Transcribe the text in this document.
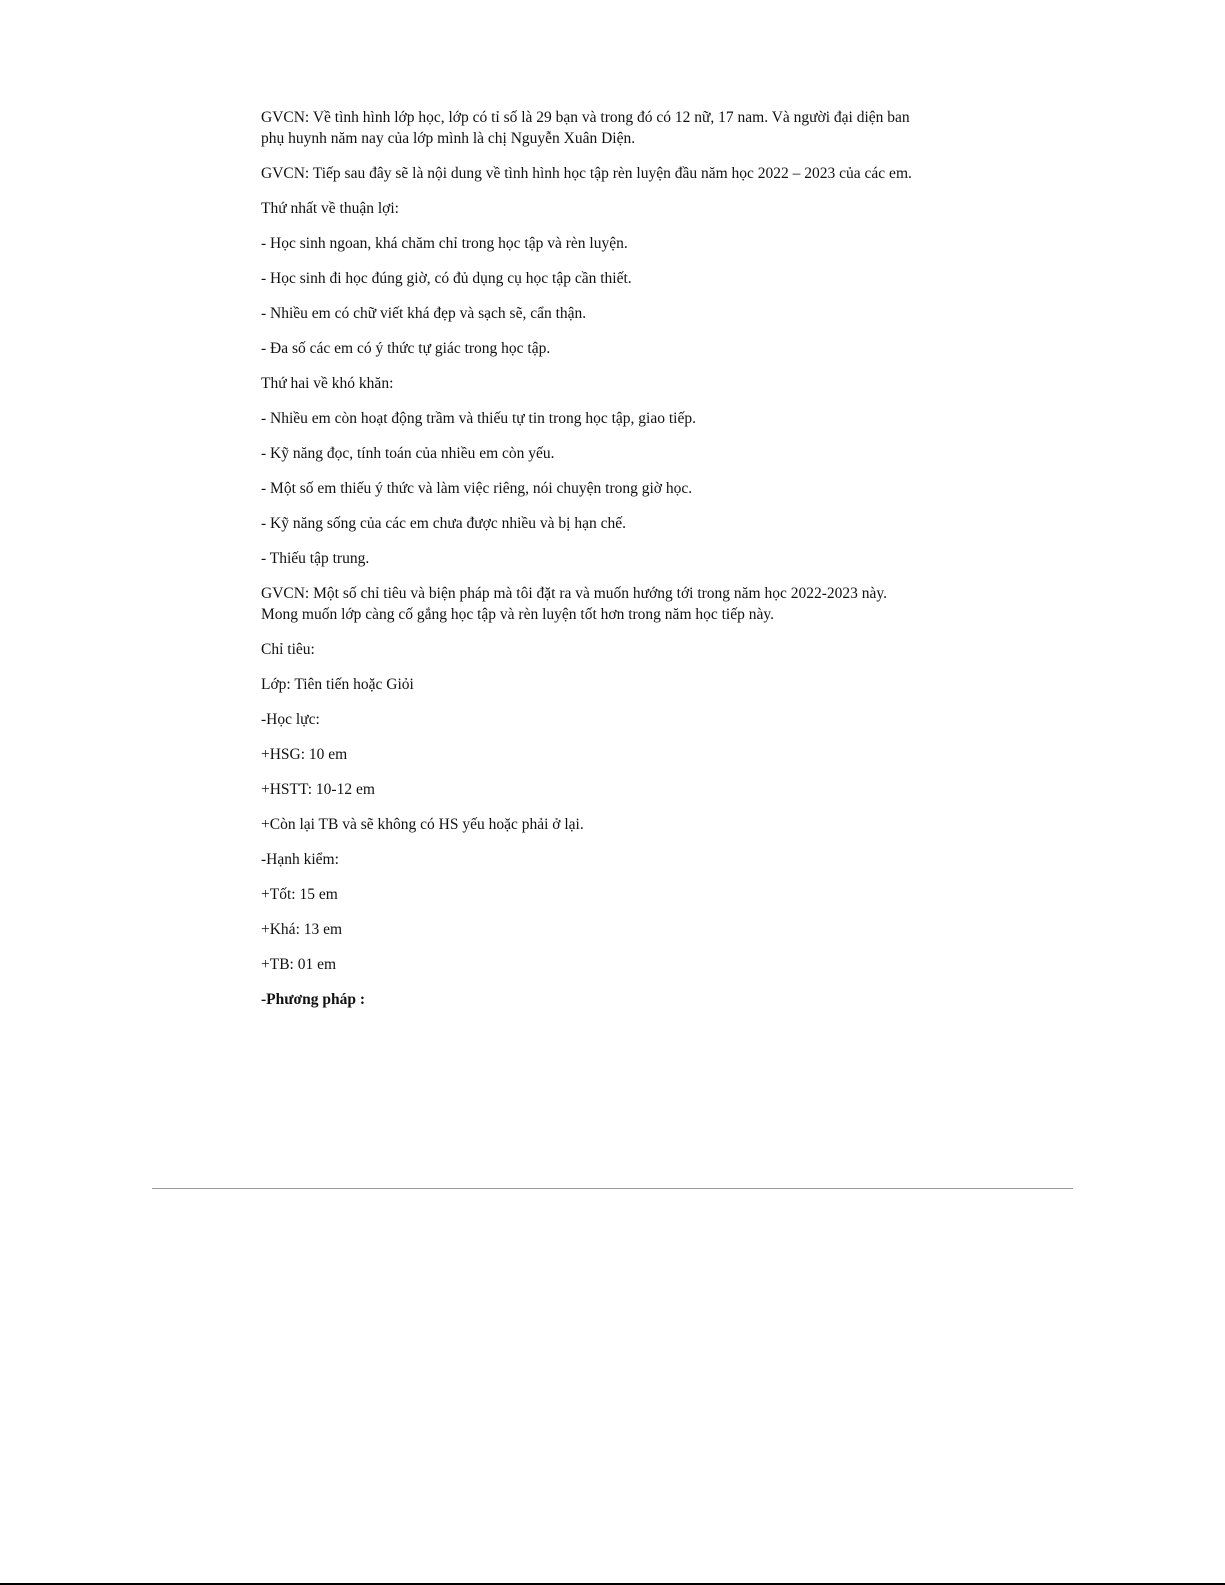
GVCN: Về tình hình lớp học, lớp có tỉ số là 29 bạn và trong đó có 12 nữ, 17 nam. Và người đại diện ban
phụ huynh năm nay của lớp mình là chị Nguyễn Xuân Diện.

GVCN: Tiếp sau đây sẽ là nội dung về tình hình học tập rèn luyện đầu năm học 2022 – 2023 của các em.

Thứ nhất về thuận lợi:

- Học sinh ngoan, khá chăm chỉ trong học tập và rèn luyện.

- Học sinh đi học đúng giờ, có đủ dụng cụ học tập cần thiết.

- Nhiều em có chữ viết khá đẹp và sạch sẽ, cẩn thận.

- Đa số các em có ý thức tự giác trong học tập.

Thứ hai về khó khăn:

- Nhiều em còn hoạt động trầm và thiếu tự tin trong học tập, giao tiếp.

- Kỹ năng đọc, tính toán của nhiều em còn yếu.

- Một số em thiếu ý thức và làm việc riêng, nói chuyện trong giờ học.

- Kỹ năng sống của các em chưa được nhiều và bị hạn chế.

- Thiếu tập trung.

GVCN: Một số chỉ tiêu và biện pháp mà tôi đặt ra và muốn hướng tới trong năm học 2022-2023 này.
Mong muốn lớp càng cố gắng học tập và rèn luyện tốt hơn trong năm học tiếp này.

Chỉ tiêu:

Lớp: Tiên tiến hoặc Giỏi

-Học lực:

+HSG: 10 em

+HSTT: 10-12 em

+Còn lại TB và sẽ không có HS yếu hoặc phải ở lại.

-Hạnh kiểm:

+Tốt: 15 em

+Khá: 13 em

+TB: 01 em

-Phương pháp :
